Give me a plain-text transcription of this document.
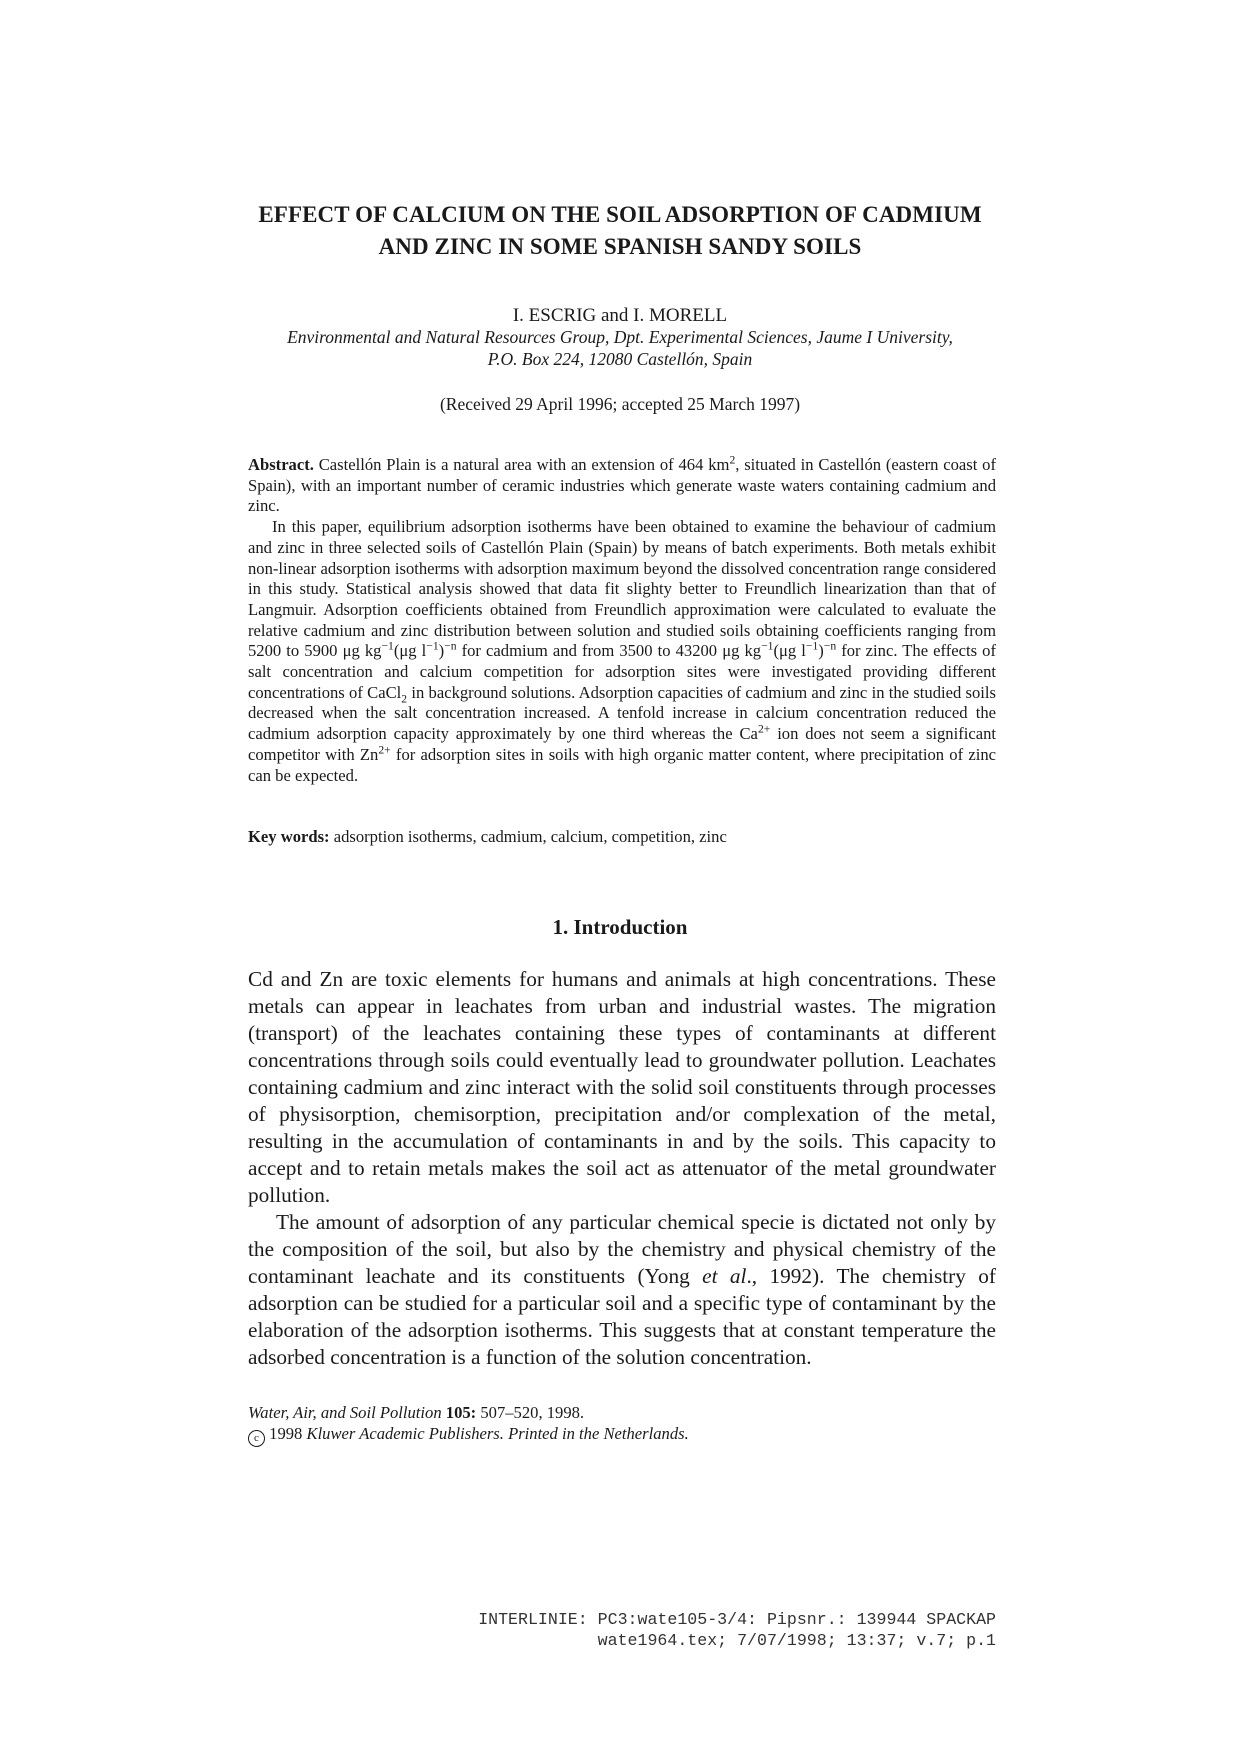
EFFECT OF CALCIUM ON THE SOIL ADSORPTION OF CADMIUM
AND ZINC IN SOME SPANISH SANDY SOILS
I. ESCRIG and I. MORELL
Environmental and Natural Resources Group, Dpt. Experimental Sciences, Jaume I University,
P.O. Box 224, 12080 Castellón, Spain
(Received 29 April 1996; accepted 25 March 1997)

Abstract. Castellón Plain is a natural area with an extension of 464 $km^2$, situated in Castellón (eastern coast of Spain), with an important number of ceramic industries which generate waste waters containing cadmium and zinc.

In this paper, equilibrium adsorption isotherms have been obtained to examine the behaviour of cadmium and zinc in three selected soils of Castellón Plain (Spain) by means of batch experiments. Both metals exhibit non-linear adsorption isotherms with adsorption maximum beyond the dissolved concentration range considered in this study. Statistical analysis showed that data fit slighty better to Freundlich linearization than that of Langmuir. Adsorption coefficients obtained from Freundlich approximation were calculated to evaluate the relative cadmium and zinc distribution between solution and studied soils obtaining coefficients ranging from 5200 to 5900 μg $kg^{-1}(\mu g$ $l^{-1})^{-n}$ for cadmium and from 3500 to 43200 μg $kg^{-1}(\mu g$ $l^{-1})^{-n}$ for zinc. The effects of salt concentration and calcium competition for adsorption sites were investigated providing different concentrations of CaCl$_2$ in background solutions. Adsorption capacities of cadmium and zinc in the studied soils decreased when the salt concentration increased. A tenfold increase in calcium concentration reduced the cadmium adsorption capacity approximately by one third whereas the $Ca^{2+}$ ion does not seem a significant competitor with $Zn^{2+}$ for adsorption sites in soils with high organic matter content, where precipitation of zinc can be expected.

Key words: adsorption isotherms, cadmium, calcium, competition, zinc
1. Introduction

Cd and Zn are toxic elements for humans and animals at high concentrations. These metals can appear in leachates from urban and industrial wastes. The migration (transport) of the leachates containing these types of contaminants at different concentrations through soils could eventually lead to groundwater pollution. Leachates containing cadmium and zinc interact with the solid soil constituents through processes of physisorption, chemisorption, precipitation and/or complexation of the metal, resulting in the accumulation of contaminants in and by the soils. This capacity to accept and to retain metals makes the soil act as attenuator of the metal groundwater pollution.

The amount of adsorption of any particular chemical specie is dictated not only by the composition of the soil, but also by the chemistry and physical chemistry of the contaminant leachate and its constituents (Yong et al., 1992). The chemistry of adsorption can be studied for a particular soil and a specific type of contaminant by the elaboration of the adsorption isotherms. This suggests that at constant temperature the adsorbed concentration is a function of the solution concentration.

Water, Air, and Soil Pollution 105: 507–520, 1998.
c 1998 Kluwer Academic Publishers. Printed in the Netherlands.
INTERLINIE: PC3:wate105-3/4: Pipsnr.: 139944 SPACKAP
wate1964.tex; 7/07/1998; 13:37; v.7; p.1
